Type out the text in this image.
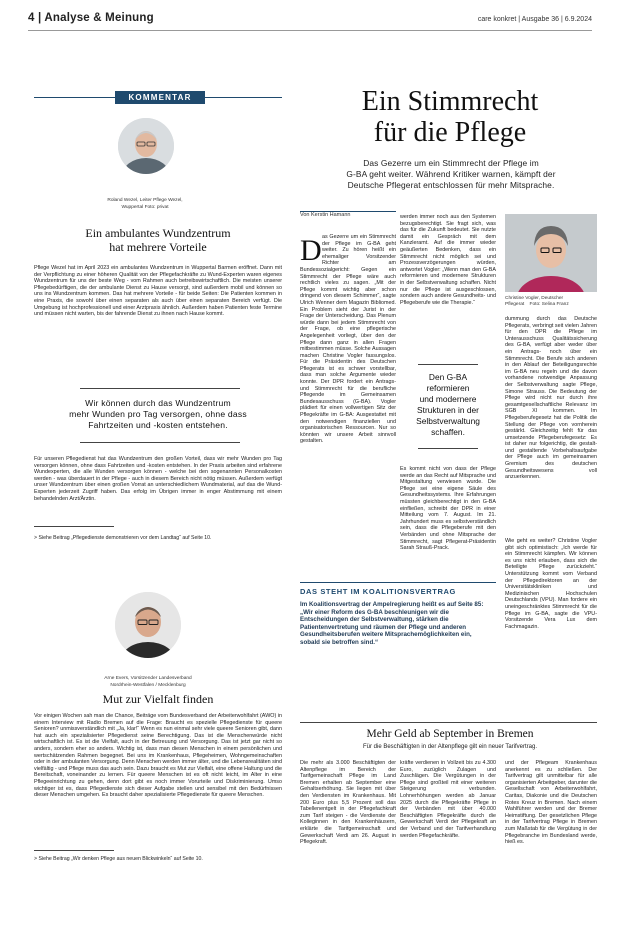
4 | Analyse & Meinung	care konkret | Ausgabe 36 | 6.9.2024
KOMMENTAR
Roland Wezel, Leiter Pflege Wezel,
Wuppertal Foto: privat
Ein ambulantes Wundzentrum
hat mehrere Vorteile
Pflege Wezel hat im April 2023 ein ambulantes Wundzentrum in Wuppertal Barmen eröffnet. Dann mit der Verpflichtung zu einer höheren Qualität von der Pflegefachkräfte zu Wund-Experten waren eigenes Wundzentrum für uns der beste Weg - vom Rahmen auch betreibswirtschaftlich. Die meisten unserer Pflegebedürftigen, die der ambulante Dienst zu Hause versorgt, sind außerdem mobil und können so uns ins Wundzentrum kommen. Das hat mehrere Vorteile - für beide Seiten: Die Patienten kommen in eine Praxis, die sowohl über einen separaten als auch über einen separaten Bereich verfügt. Die Umgebung ist hochprofessionell und einer Arztpraxis ähnlich. Außerdem haben Patienten feste Termine und müssen nicht warten, bis der fahrende Dienst zu ihnen nach Hause kommt.
Wir können durch das Wundzentrum
mehr Wunden pro Tag versorgen, ohne dass
Fahrtzeiten und -kosten entstehen.
Für unseren Pflegedienst hat das Wundzentrum den großen Vorteil, dass wir mehr Wunden pro Tag versorgen können, ohne dass Fahrtzeiten und -kosten entstehen. In der Praxis arbeiten sind erfahrene Wundexperten, die alle Wunden versorgen können - welche bei den sogenannten Personalkosten werden - was überdauert in der Pflege - auch in diesem Bereich nicht nötig müssen. Außerdem verfügt unser Wundzentrum über einen großen Vorrat an unterschiedlichem Wundmaterial, auf das die Wund-Experten jederzeit Zugriff haben. Das erfolg im Übrigen immer in enger Abstimmung mit einem behandelnden Arzt/Ärztin.
> Siehe Beitrag „Pflegedienste demonstrieren vor dem Landtag“ auf Seite 10.
Arne Evers, Vorsitzender Landesverband
Nordrhein-Westfalen / Mecklenburg
Mut zur Vielfalt finden
Vor einigen Wochen sah man die Chance, Beiträge vom Bundesverband der Arbeiterwohlfahrt (AWO) in einem Interview mit Radio Bremen auf die Frage: Braucht es spezielle Pflegedienste für queere Senioren? unmissverständlich mit „Ja, klar!“ Wenn es nun einmal sehr viele queere Senioren gibt, dann hat auch ein spezialisierter Pflegedienst seine Berechtigung. Das ist die Menschenwürde nicht wirtschaftlich ist. Es ist die Vielfalt, auch in der Betreuung und Versorgung. Das ist jetzt gar nicht so anders, sondern eher so anders. Wichtig ist, dass man diesen Menschen in einem persönlichen und wertschätzenden Rahmen begegnet. Bei uns im Krankenhaus, Pflegeheimen, Wohngemeinschaften oder in der ambulanten Versorgung. Denn Menschen werden immer älter, und die Lebensrealitäten sind vielfältig - und Pflege muss das auch sein. Dazu braucht es Mut zur Vielfalt, eine offene Haltung und die Bereitschaft, voneinander zu lernen. Für queere Menschen ist es oft nicht leicht, im Alter in eine Pflegeeinrichtung zu gehen, denn dort gibt es noch immer Vorurteile und Diskriminierung. Umso wichtiger ist es, dass Pflegedienste sich dieser Aufgabe stellen und sensibel mit den Bedürfnissen dieser Menschen umgehen. Es braucht daher spezialisierte Pflegedienste für queere Menschen.
> Siehe Beitrag „Wir denken Pflege aus neuen Blickwinkeln“ auf Seite 10.
Ein Stimmrecht
für die Pflege
Das Gezerre um ein Stimmrecht der Pflege im
G-BA geht weiter. Während Kritiker warnen, kämpft der
Deutsche Pflegerat entschlossen für mehr Mitsprache.
Von Kerstin Hamann
D as Gezerre um ein Stimmrecht der Pflege im G-BA geht weiter. Zu hören heißt ein ehemaliger Vorsitzender Richter am Bundessozialgericht: Gegen ein Stimmrecht der Pflege wäre auch rechtlich vieles zu sagen. „Mit der Pflege kommt wichtig aber schon dringend von diesem Schimmer“, sagte Ulrich Wenner dem Magazin Bibliomed. Ein Problem sieht der Jurist in der Frage der Unterscheidung. Das Plenum würde dann bei jedem Stimmrecht von der Frage, ob eine pflegerische Angelegenheit vorliegt, über den der Pflege dann ganz in allen Fragen mitbestimmen müsse. Solche Aussagen machen Christine Vogler fassungslos. Für die Präsidentin des Deutschen Pflegerats ist es schwer vorstellbar, dass man solche Argumente wieder konnte. Der DPR fordert ein Antrags- und Stimmrecht für die berufliche Pflegende im Gemeinsamen Bundesausschuss (G-BA). Vogler plädiert für einen vollwertigen Sitz der Pflegekräfte im G-BA: Ausgestattet mit den notwendigen finanziellen und organisatorischen Ressourcen. Nur so könnten wir unsere Arbeit sinnvoll gestalten.
werden immer noch aus den Systemen bezugsberechtigt. Sie fragt sich, was das für die Zukunft bedeutet. Sie nutzte damit ein Gespräch mit dem Kanzleramt. Auf die immer wieder geäußerten Bedenken, dass ein Stimmrecht nicht möglich sei und Prozessverzögerungen würden, antwortet Vogler: „Wenn man den G-BA reformieren und modernere Strukturen in der Selbstverwaltung schaffen. Nicht nur die Pflege ist ausgeschlossen, sondern auch andere Gesundheits- und Pflegeberufe wie die Therapie.“
Den G-BA
reformieren
und modernere
Strukturen in der
Selbstverwaltung
schaffen.
Es kommt nicht von dass der Pflege werde an das Recht auf Mitsprache und Mitgestaltung verwiesen wurde. Die Pflege sei eine eigene Säule des Gesundheitssystems. Ihre Erfahrungen müssten gleichberechtigt in den G-BA einfließen, schreibt der DPR in einer Mitteilung vom 7. August. Im 21. Jahrhundert muss es selbstverständlich sein, dass die Pflegeberufe mit den Verbänden und ohne Mitsprache der Stimmrecht, sagt Pflegerat-Präsidentin Sarah Strauß-Prack.
Christine Vogler, Deutscher
Pflegerat Foto: Selina Franz
dummung durch das Deutsche Pflegerats, verbringt seit vielen Jahren für den DPR die Pflege im Unterausschuss Qualitätssicherung des G-BA, verfügt aber weder über ein Antrags- noch über ein Stimmrecht. Die Berufe sich anderen in den Ablauf der Beteiligungsrechte im G-BA neu regeln und die davon vorhandene notwendige Anpassung der Selbstverwaltung sagte Pflege, Simone Strauss. Die Bedeutung der Pflege wird nicht nur durch ihre gesamtgesellschaftliche Relevanz im SGB XI kommen. Im Pflegeberufegesetz hat die Politik die Stellung der Pflege von vornherein gestärkt. Gleichzeitig fehlt für das umsetzende Pflegeberufegesetz: Es ist daher nur folgerichtig, die gestalt- und gestaltende Vorbehaltsaufgabe der Pflege auch im gemeinsamen Gremium des deutschen Gesundheitswesens voll anzuerkennen.
Wie geht es weiter? Christine Vogler gibt sich optimistisch: „Ich werde für ein Stimmrecht kämpfen. Wir können es uns nicht erlauben, dass sich die Beteiligte Pflege zurückzieht.“ Unterstützung kommt vom Verband der Pflegedirektoren an der Universitätskliniken und Medizinischen Hochschulen Deutschlands (VPU). Man fordere ein uneingeschränktes Stimmrecht für die Pflege im G-BA, sagte die VPU-Vorsitzende Vera Lux dem Fachmagazin.
DAS STEHT IM KOALITIONSVERTRAG
Im Koalitionsvertrag der Ampelregierung heißt es auf Seite 85: „Wir einer Reform des G-BA beschleunigen wir die Entscheidungen der Selbstverwaltung, stärken die Patientenvertretung und räumen der Pflege und anderen Gesundheitsberufen weitere Mitsprachemöglichkeiten ein, sobald sie betroffen sind.“
Mehr Geld ab September in Bremen
Für die Beschäftigten in der Altenpflege gilt ein neuer Tarifvertrag.
Die mehr als 3.000 Beschäftigten der Altenpflege im Bereich der Tarifgemeinschaft Pflege im Land Bremen erhalten ab September eine Gehaltserhöhung. Sie liegen mit über den Verdiensten im Krankenhaus. Mit 200 Euro plus 5,5 Prozent soll das Tabellenentgelt in der Pflegefachkraft zum Tarif steigen - die Verdienste der Kolleginnen in den Krankenhäusern, erklärte die Tarifgemeinschaft und Gewerkschaft Verdi am 26. August in Pflegekraft.
kräfte verdienen in Vollzeit bis zu 4.300 Euro, zuzüglich Zulagen und Zuschlägen. Die Vergütungen in der Pflege sind großteil mit einer weiteren Steigerung verbunden. Lohnerhöhungen werden ab Januar 2025 durch die Pflegekräfte Pflege in der Verbänden mit über 40.000 Beschäftigten Pflegekräfte durch die Gewerkschaft Verdi der Pflegekraft an der Verband und der Tarifverhandlung werden Pflegefachkräfte.
und der Pflegeam Krankenhaus anerkennt es zu schließen. Der Tarifvertrag gilt unmittelbar für alle organisierten Arbeitgeber, darunter die Gesellschaft von Arbeiterwohlfahrt, Caritas, Diakonie und die Deutschen Rotes Kreuz in Bremen. Nach einem Wahlführer werden und der Bremer Heimstiftung. Der gesetzlichen Pflege in der Tarifvertrag Pflege in Bremen zum Maßstab für die Vergütung in der Pflegebranche im Bundesland werde, hieß es.
